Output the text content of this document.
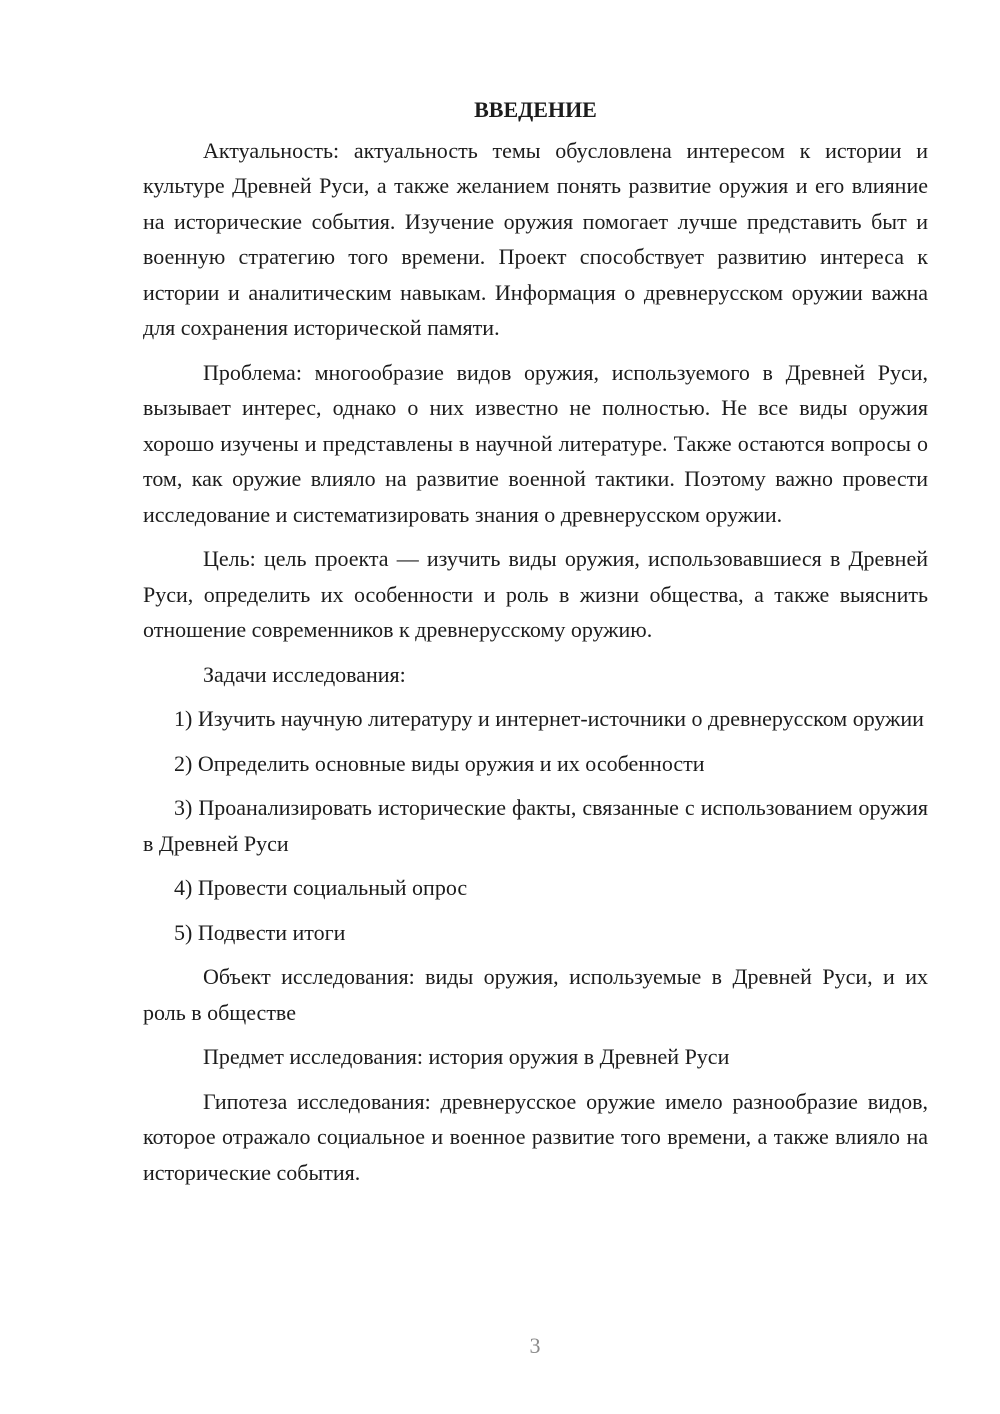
ВВЕДЕНИЕ

Актуальность: актуальность темы обусловлена интересом к истории и культуре Древней Руси, а также желанием понять развитие оружия и его влияние на исторические события. Изучение оружия помогает лучше представить быт и военную стратегию того времени. Проект способствует развитию интереса к истории и аналитическим навыкам. Информация о древнерусском оружии важна для сохранения исторической памяти.

Проблема: многообразие видов оружия, используемого в Древней Руси, вызывает интерес, однако о них известно не полностью. Не все виды оружия хорошо изучены и представлены в научной литературе. Также остаются вопросы о том, как оружие влияло на развитие военной тактики. Поэтому важно провести исследование и систематизировать знания о древнерусском оружии.

Цель: цель проекта — изучить виды оружия, использовавшиеся в Древней Руси, определить их особенности и роль в жизни общества, а также выяснить отношение современников к древнерусскому оружию.

Задачи исследования:

1) Изучить научную литературу и интернет-источники о древнерусском оружии

2) Определить основные виды оружия и их особенности

3) Проанализировать исторические факты, связанные с использованием оружия в Древней Руси

4) Провести социальный опрос

5) Подвести итоги

Объект исследования: виды оружия, используемые в Древней Руси, и их роль в обществе

Предмет исследования: история оружия в Древней Руси

Гипотеза исследования: древнерусское оружие имело разнообразие видов, которое отражало социальное и военное развитие того времени, а также влияло на исторические события.

3
